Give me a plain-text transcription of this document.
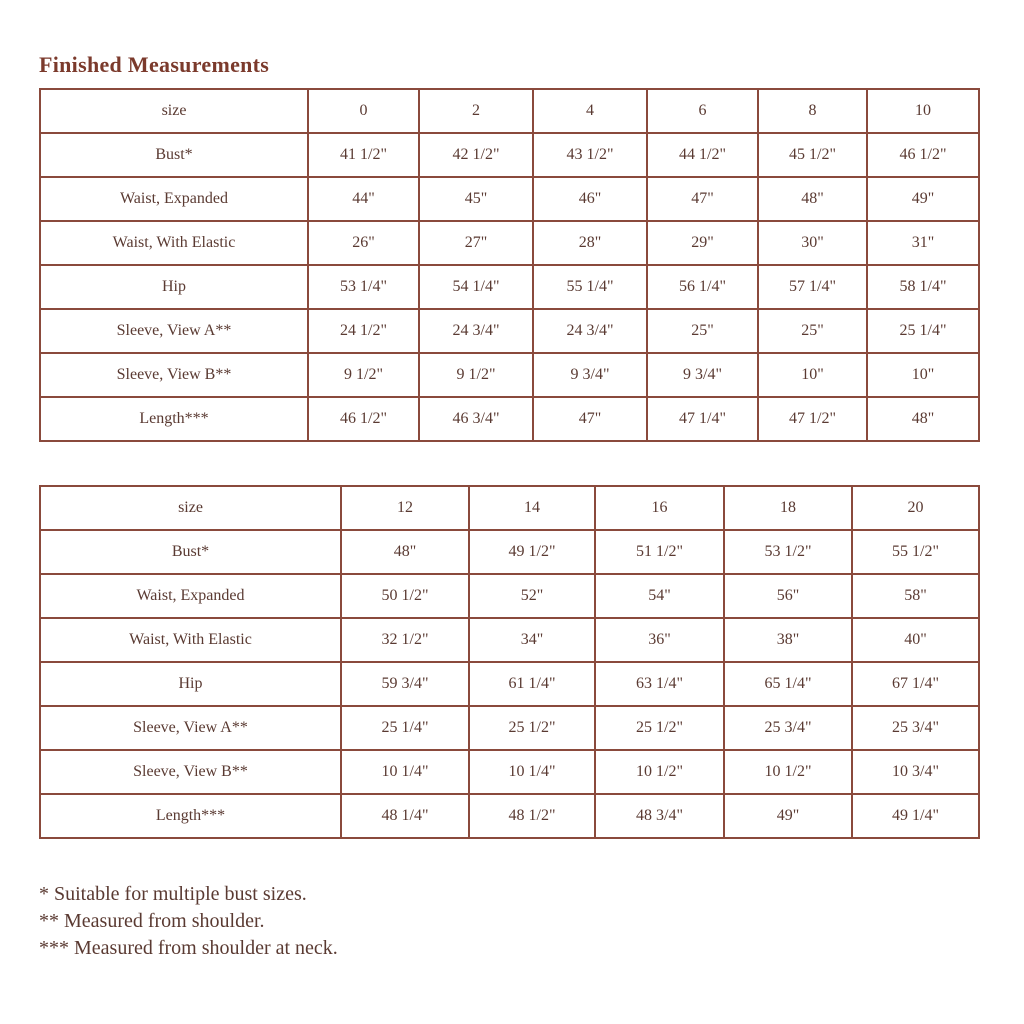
Finished Measurements
size	0	2	4	6	8	10
Bust*	41 1/2"	42 1/2"	43 1/2"	44 1/2"	45 1/2"	46 1/2"
Waist, Expanded	44"	45"	46"	47"	48"	49"
Waist, With Elastic	26"	27"	28"	29"	30"	31"
Hip	53 1/4"	54 1/4"	55 1/4"	56 1/4"	57 1/4"	58 1/4"
Sleeve, View A**	24 1/2"	24 3/4"	24 3/4"	25"	25"	25 1/4"
Sleeve, View B**	9 1/2"	9 1/2"	9 3/4"	9 3/4"	10"	10"
Length***	46 1/2"	46 3/4"	47"	47 1/4"	47 1/2"	48"
size	12	14	16	18	20
Bust*	48"	49 1/2"	51 1/2"	53 1/2"	55 1/2"
Waist, Expanded	50 1/2"	52"	54"	56"	58"
Waist, With Elastic	32 1/2"	34"	36"	38"	40"
Hip	59 3/4"	61 1/4"	63 1/4"	65 1/4"	67 1/4"
Sleeve, View A**	25 1/4"	25 1/2"	25 1/2"	25 3/4"	25 3/4"
Sleeve, View B**	10 1/4"	10 1/4"	10 1/2"	10 1/2"	10 3/4"
Length***	48 1/4"	48 1/2"	48 3/4"	49"	49 1/4"
* Suitable for multiple bust sizes.
** Measured from shoulder.
*** Measured from shoulder at neck.
